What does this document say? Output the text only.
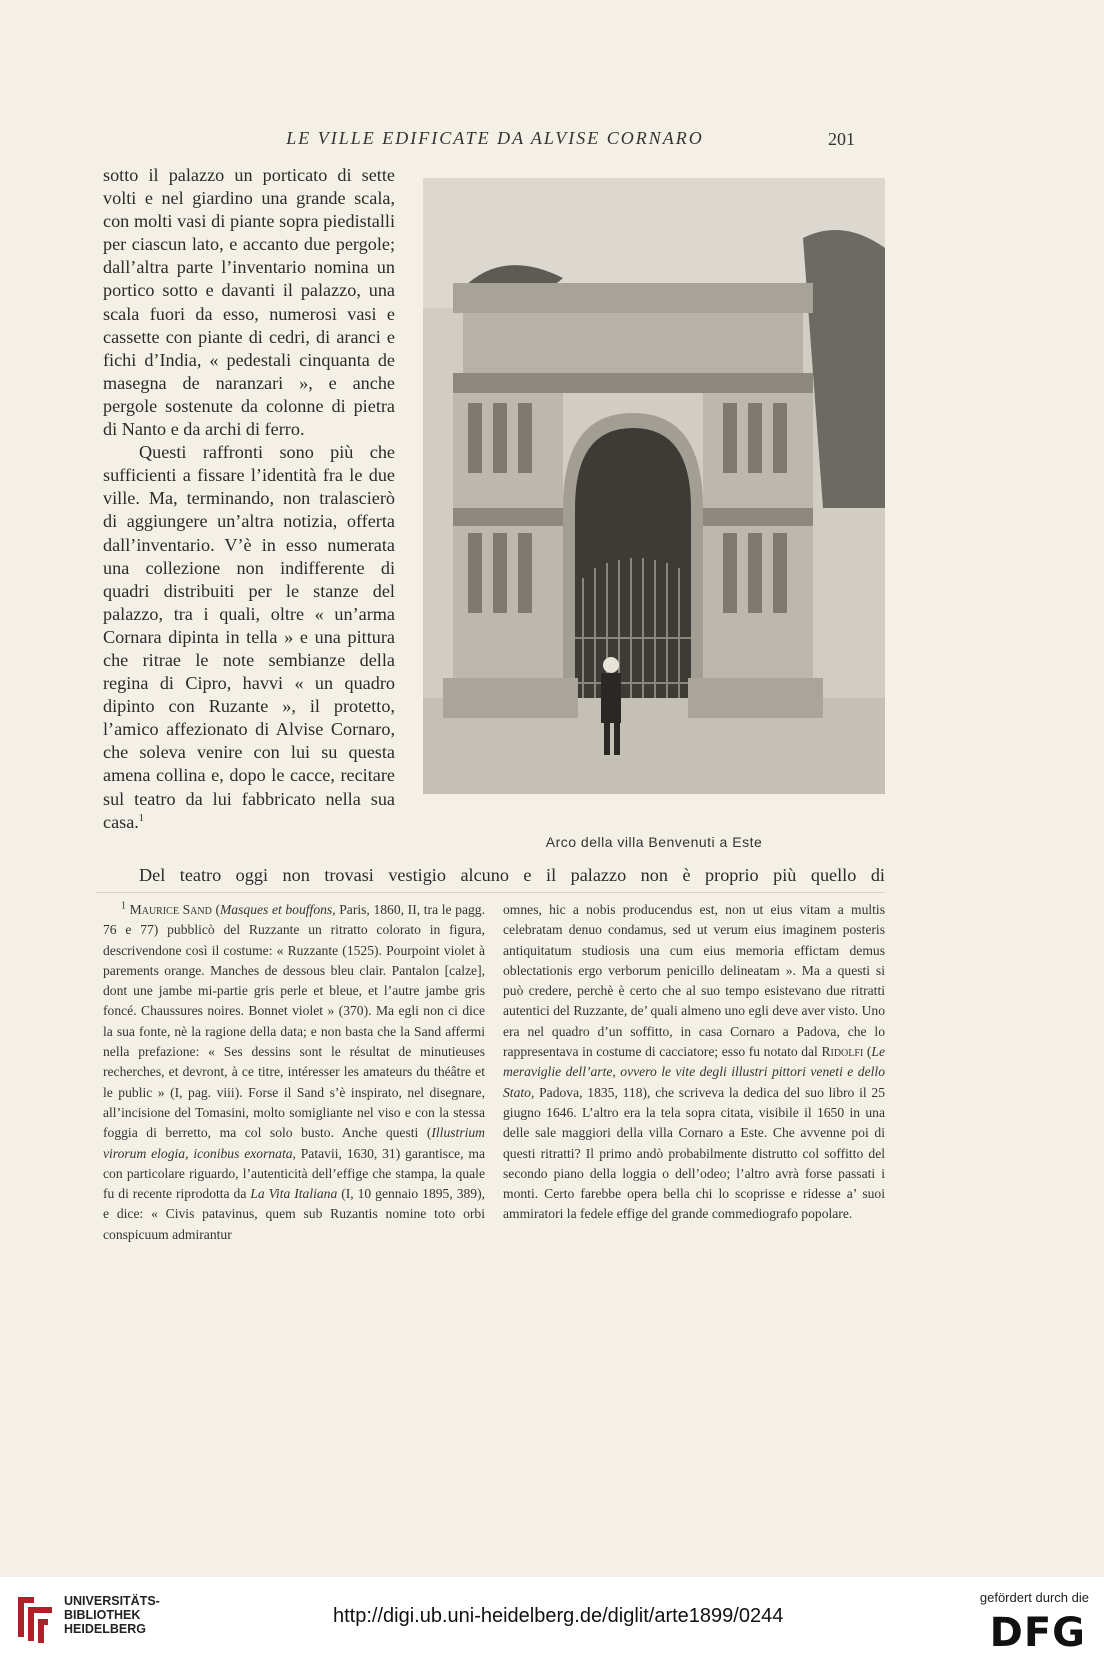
LE VILLE EDIFICATE DA ALVISE CORNARO	201

sotto il palazzo un porticato di sette volti e nel giardino una grande scala, con molti vasi di piante sopra piedistalli per ciascun lato, e accanto due pergole; dall’altra parte l’inventario nomina un portico sotto e davanti il palazzo, una scala fuori da esso, numerosi vasi e cassette con piante di cedri, di aranci e fichi d’India, « pedestali cinquanta de masegna de naranzari », e anche pergole sostenute da colonne di pietra di Nanto e da archi di ferro.

Questi raffronti sono più che sufficienti a fissare l’identità fra le due ville. Ma, terminando, non tralascierò di aggiungere un’altra notizia, offerta dall’inventario. V’è in esso numerata una collezione non indifferente di quadri distribuiti per le stanze del palazzo, tra i quali, oltre « un’arma Cornara dipinta in tella » e una pittura che ritrae le note sembianze della regina di Cipro, havvi « un quadro dipinto con Ruzante », il protetto, l’amico affezionato di Alvise Cornaro, che soleva venire con lui su questa amena collina e, dopo le cacce, recitare sul teatro da lui fabbricato nella sua casa.$^1$

Arco della villa Benvenuti a Este
Del teatro oggi non trovasi vestigio alcuno e il palazzo non è proprio più quello di

$^1$ Maurice Sand (Masques et bouffons, Paris, 1860, II, tra le pagg. 76 e 77) pubblicò del Ruzzante un ritratto colorato in figura, descrivendone così il costume: « Ruzzante (1525). Pourpoint violet à parements orange. Manches de dessous bleu clair. Pantalon [calze], dont une jambe mi-partie gris perle et bleue, et l’autre jambe gris foncé. Chaussures noires. Bonnet violet » (370). Ma egli non ci dice la sua fonte, nè la ragione della data; e non basta che la Sand affermi nella prefazione: « Ses dessins sont le résultat de minutieuses recherches, et devront, à ce titre, intéresser les amateurs du théâtre et le public » (I, pag. viii). Forse il Sand s’è inspirato, nel disegnare, all’incisione del Tomasini, molto somigliante nel viso e con la stessa foggia di berretto, ma col solo busto. Anche questi (Illustrium virorum elogia, iconibus exornata, Patavii, 1630, 31) garantisce, ma con particolare riguardo, l’autenticità dell’effige che stampa, la quale fu di recente riprodotta da La Vita Italiana (I, 10 gennaio 1895, 389), e dice: « Civis patavinus, quem sub Ruzantis nomine toto orbi conspicuum admirantur

omnes, hic a nobis producendus est, non ut eius vitam a multis celebratam denuo condamus, sed ut verum eius imaginem posteris antiquitatum studiosis una cum eius memoria effictam demus oblectationis ergo verborum penicillo delineatam ». Ma a questi si può credere, perchè è certo che al suo tempo esistevano due ritratti autentici del Ruzzante, de’ quali almeno uno egli deve aver visto. Uno era nel quadro d’un soffitto, in casa Cornaro a Padova, che lo rappresentava in costume di cacciatore; esso fu notato dal Ridolfi (Le meraviglie dell’arte, ovvero le vite degli illustri pittori veneti e dello Stato, Padova, 1835, 118), che scriveva la dedica del suo libro il 25 giugno 1646. L’altro era la tela sopra citata, visibile il 1650 in una delle sale maggiori della villa Cornaro a Este. Che avvenne poi di questi ritratti? Il primo andò probabilmente distrutto col soffitto del secondo piano della loggia o dell’odeo; l’altro avrà forse passati i monti. Certo farebbe opera bella chi lo scoprisse e ridesse a’ suoi ammiratori la fedele effige del grande commediografo popolare.

UNIVERSITÄTS-
BIBLIOTHEK
HEIDELBERG
http://digi.ub.uni-heidelberg.de/diglit/arte1899/0244
gefördert durch die
DFG
